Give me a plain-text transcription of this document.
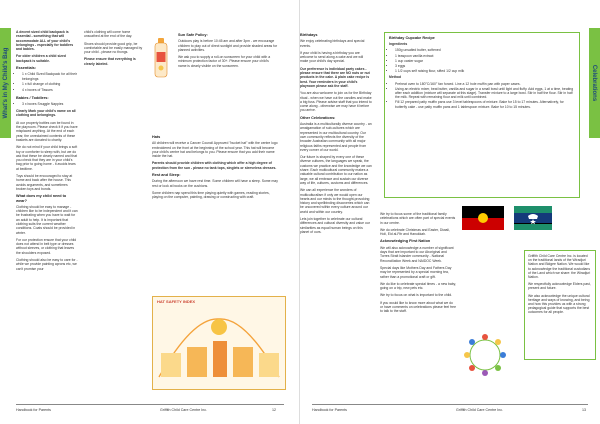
What's in My Child's Bag

A decent sized child backpack is essential - something that will accommodate ALL of your child's belongings - especially for toddlers and babies.

For older children a child sized backpack is suitable.

Essentials:
• 1 x Child Sized Backpack for all their belongings
• 1 x full change of clothing
• 4 x boxes of Tissues
Babies / Toddlers:
• 3 x boxes Snuggle Nappies

Clearly Mark your child's name on all clothing and belongings.

At our property bottles can be found in the playroom. Please check it if you have misplaced anything. At the end of each year, the unreclaimed contents of these baskets are donated to charity.

We do not mind if your child brings a soft toy or comforter to sleep with, but we do ask that these be clearly named and that you check that they are in your child's bag prior to going home - it avoids tears at bedtime.

Toys should be encouraged to stay at home and back after the house. This avoids arguments, and sometimes broken toys and bonds.

What does my child need to wear?

Clothing should be easy to manage - children like to be independent and it can be frustrating when you have to wait for an adult to help. It is important that clothing suits the current weather conditions. Coats should be provided in winter.

For our protection ensure that your child does not attend in belt type or dresses without sleeves, or clothing that leaves the shoulders exposed.

Clothing should also be easy to care for - while we provide painting aprons etc, we can't promise your

child's clothing will come home unscathed at the end of the day.

Shoes should provide good grip, be comfortable and be easily managed by your child - please no thongs.

Please ensure that everything is clearly labeled.

Sun Safe Policy:

Outdoors play is before 10:45 am and after 3pm - we encourage children to play out of direct sunlight and provide shaded areas for planned activities.

We ask you to supply a roll-on sunscreen for your child with a minimum protection factor of 30+. Please ensure your child's name is clearly visible on the sunscreen.

Hats

All children will receive a Cancer Council Approved "bucket hat" with the centre logo embroidered on the front at the beginning of the school year. This hat will become your child's centre hat and belongs to you. Please ensure that you add their name inside the hat.

Parents should provide children with clothing which offer a high degree of protection from the sun - please no tank tops, singlets or sleeveless dresses.

Rest and Sleep:

During the afternoon we have rest time. Some children will have a sleep. Some may rest or look at books on the cushions.

Some children nap spend this time playing quietly with games, reading stories, playing on the computer, painting, drawing or constructing with craft.

HAT SAFETY INDEX
Handbook for Parents	Griffith Child Care Centre Inc.	12
Birthdays

We enjoy celebrating birthdays and special events.

If your child is having a birthday you are welcome to send along a cake and we will make your child's day special.

Our preference is individual party cakes - please ensure that there are NO nuts or nut products in the cake. A plain cake recipe is best. Your reminders in your child's playroom please ask the staff.

You are also welcome to join us for the Birthday ritual - when we have cut the candles and make a big fuss. Please advise staff that you intend to come along - otherwise we may have it before you arrive.

Other Celebrations:

Australia is a multiculturally diverse country - an amalgamation of sub-cultures which are represented in our multicultural country. Our own community reflects the diversity of the broader Australian community with all major religious faiths represented and people from every corner of our world.

Our future is shaped by every one of these diverse cultures, the languages we speak, the customs we practice and the knowledge we can share. Each multicultural community makes a valuable cultural contribution to our nation as large, we all embrace and sustain our diverse way of life, cultures, customs and differences.

We can all experience the wonders of multiculturalism if only we would open our hearts and our minds to the thought-provoking history and spellbinding discoveries which can be uncovered within every culture around our world and within our country.

Lets join together to celebrate our cultural differences and cultural diversity and value our similarities as equal human beings on this planet of ours.

We try to focus some of the traditional family celebrations which are often part of special events in our centre.

We do celebrate Christmas and Easter, Diwali, Holi, Eid al-Fitr and Hanukkah.

Acknowledging First Nation

We will also acknowledge a number of significant days that are important to our Aboriginal and Torres Strait Islander community - National Reconciliation Week and NAIDOC Week.

Special days like Mothers Day and Fathers Day may be represented by a special morning tea, rather than a promotional craft or gift.

We do like to celebrate special times - a new baby, going on a trip, new pets etc.

We try to focus on what is important to the child.

If you would like to know more about what we do or have comments on celebrations please feel free to talk to the staff.

Celebrations
Birthday Cupcake Recipe

Ingredients

• 150g unsalted butter, softened
• 1 teaspoon vanilla extract
• 1 cup caster sugar
• 3 eggs
• 1 1/2 cups self raising flour, sifted 1/2 cup milk

Method

• Preheat oven to 180°C/160° fan forced. Line a 12 hole muffin pan with paper cases.
• Using an electric mixer, beat butter, vanilla and sugar in a small bowl until light and fluffy. Add eggs, 1 at a time, beating after each addition (mixture will separate at this stage). Transfer mixture to a large bowl. Stir in half the flour. Stir in half the milk. Repeat with remaining flour and milk until combined.
• Fill 12 prepared patty muffin pans use 3 level tablespoons of mixture. Bake for 15 to 17 minutes. Alternatively, for butterfly cake - use patty muffin pans and 1 tablespoon mixture. Bake for 10 to 15 minutes.

Griffith Child Care Centre Inc. is located on the traditional lands of the Wiradjuri Nation and Bidgee Nation. We would like to acknowledge the traditional custodians of the Land which we share: the Wiradjuri Nation.

We respectfully acknowledge Elders past, present and future.

We also acknowledge the unique cultural heritage and ways of knowing, and being and how this provides us with a strong pedagogical guide that supports the best outcomes for all people.

Handbook for Parents	Griffith Child Care Centre Inc.	13
